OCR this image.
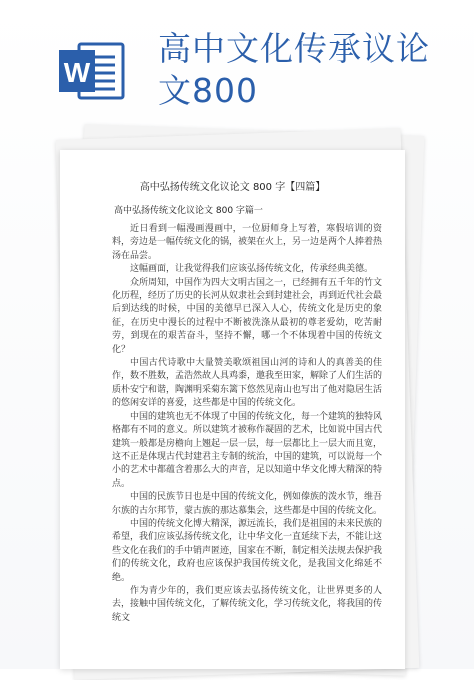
W
高中文化传承议论
文800
高中弘扬传统文化议论文 800 字【四篇】
高中弘扬传统文化议论文 800 字篇一

近日看到一幅漫画漫画中，一位厨师身上写着，寒假培训的资料，旁边是一幅传统文化的锅，被架在火上，另一边是两个人捧着热汤在品尝。

这幅画面，让我觉得我们应该弘扬传统文化，传承经典美德。

众所周知，中国作为四大文明古国之一，已经拥有五千年的竹文化历程，经历了历史的长河从奴隶社会到封建社会，再到近代社会最后到达线的时候，中国的美德早已深入人心，传统文化是历史的象征，在历史中漫长的过程中不断被洗涤从最初的尊老爱幼，吃苦耐劳，到现在的艰苦奋斗，坚持不懈，哪一个不体现着中国的传统文化？

中国古代诗歌中大量赞美歌颂祖国山河的诗和人的真善美的佳作，数不胜数，孟浩然故人具鸡黍，邀我至田家，解除了人们生活的质朴安宁和谐，陶渊明采菊东篱下悠然见南山也写出了他对隐居生活的悠闲安详的喜爱，这些都是中国的传统文化。

中国的建筑也无不体现了中国的传统文化，每一个建筑的独特风格都有不同的意义。所以建筑才被称作凝固的艺术，比如说中国古代建筑一般都是房檐向上翘起一层一层，每一层都比上一层大而且宽，这不正是体现古代封建君主专制的统治，中国的建筑，可以说每一个小的艺术中都蕴含着那么大的声音，足以知道中华文化博大精深的特点。

中国的民族节日也是中国的传统文化，例如傣族的泼水节，维吾尔族的古尔邦节，蒙古族的那达慕集会，这些都是中国的传统文化。

中国的传统文化博大精深，源远流长，我们是祖国的未来民族的希望，我们应该弘扬传统文化，让中华文化一直延续下去，不能让这些文化在我们的手中销声匿迹，国家在不断，制定相关法规去保护我们的传统文化，政府也应该保护我国传统文化，是我国文化绵延不绝。

作为青少年的，我们更应该去弘扬传统文化，让世界更多的人去，接触中国传统文化，了解传统文化，学习传统文化，将我国的传统文
